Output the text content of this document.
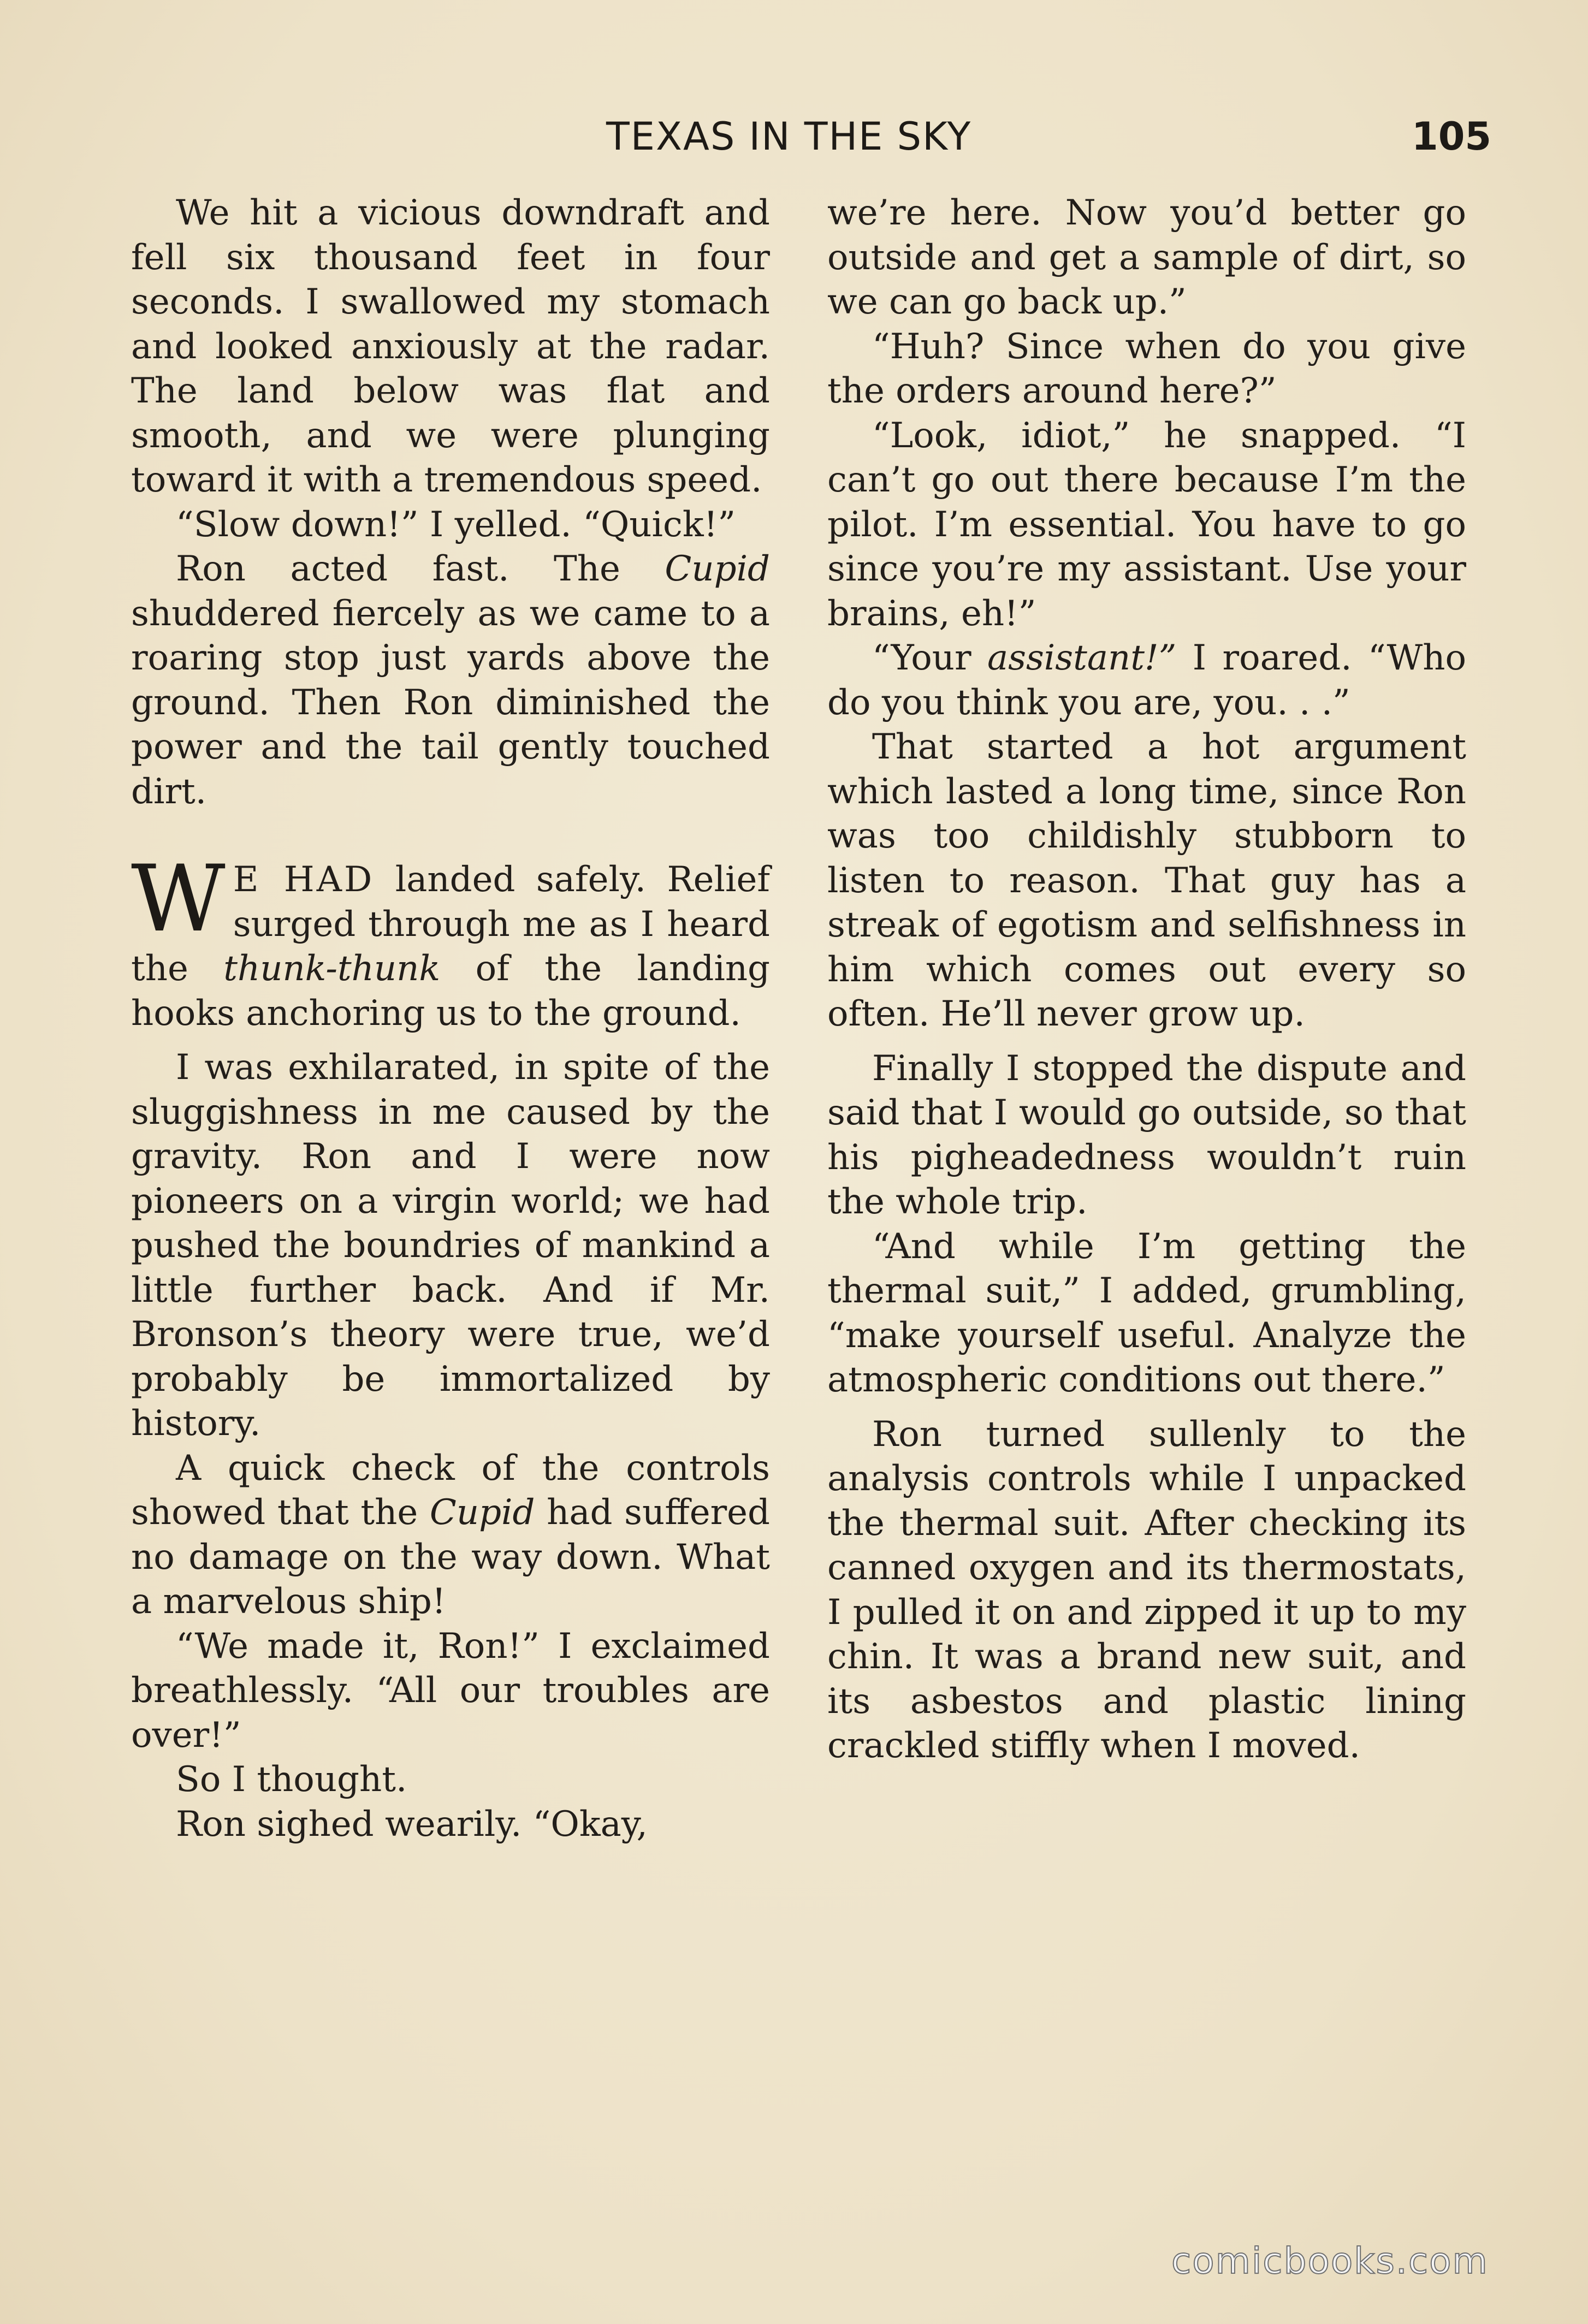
TEXAS IN THE SKY	105

We hit a vicious downdraft and fell six thousand feet in four seconds. I swallowed my stomach and looked anxiously at the radar. The land below was flat and smooth, and we were plunging toward it with a tremendous speed.

“Slow down!” I yelled. “Quick!”

Ron acted fast. The Cupid shuddered fiercely as we came to a roaring stop just yards above the ground. Then Ron diminished the power and the tail gently touched dirt.

W E HAD landed safely. Relief surged through me as I heard the thunk-thunk of the landing hooks anchoring us to the ground.

I was exhilarated, in spite of the sluggishness in me caused by the gravity. Ron and I were now pioneers on a virgin world; we had pushed the boundries of mankind a little further back. And if Mr. Bronson’s theory were true, we’d probably be immortalized by history.

A quick check of the controls showed that the Cupid had suffered no damage on the way down. What a marvelous ship!

“We made it, Ron!” I exclaimed breathlessly. “All our troubles are over!”

So I thought.

Ron sighed wearily. “Okay,

we’re here. Now you’d better go outside and get a sample of dirt, so we can go back up.”

“Huh? Since when do you give the orders around here?”

“Look, idiot,” he snapped. “I can’t go out there because I’m the pilot. I’m essential. You have to go since you’re my assistant. Use your brains, eh!”

“Your assistant!” I roared. “Who do you think you are, you. . .”

That started a hot argument which lasted a long time, since Ron was too childishly stubborn to listen to reason. That guy has a streak of egotism and selfishness in him which comes out every so often. He’ll never grow up.

Finally I stopped the dispute and said that I would go outside, so that his pigheadedness wouldn’t ruin the whole trip.

“And while I’m getting the thermal suit,” I added, grumbling, “make yourself useful. Analyze the atmospheric conditions out there.”

Ron turned sullenly to the analysis controls while I unpacked the thermal suit. After checking its canned oxygen and its thermostats, I pulled it on and zipped it up to my chin. It was a brand new suit, and its asbestos and plastic lining crackled stiffly when I moved.

comicbooks.com
